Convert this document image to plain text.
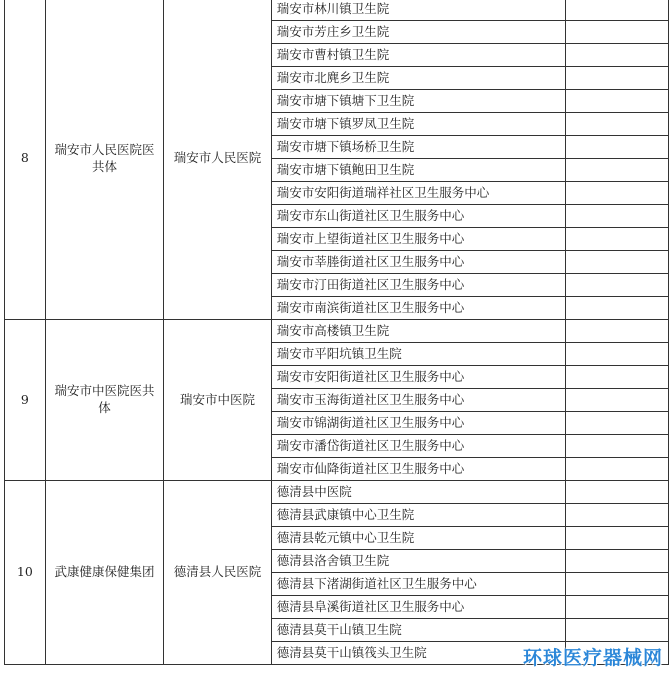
8	瑞安市人民医院医共体	瑞安市人民医院	瑞安市林川镇卫生院	
			瑞安市芳庄乡卫生院	
			瑞安市曹村镇卫生院	
			瑞安市北麂乡卫生院	
			瑞安市塘下镇塘下卫生院	
			瑞安市塘下镇罗凤卫生院	
			瑞安市塘下镇场桥卫生院	
			瑞安市塘下镇鲍田卫生院	
			瑞安市安阳街道瑞祥社区卫生服务中心	
			瑞安市东山街道社区卫生服务中心	
			瑞安市上望街道社区卫生服务中心	
			瑞安市莘塍街道社区卫生服务中心	
			瑞安市汀田街道社区卫生服务中心	
			瑞安市南滨街道社区卫生服务中心	
9	瑞安市中医院医共体	瑞安市中医院	瑞安市高楼镇卫生院	
			瑞安市平阳坑镇卫生院	
			瑞安市安阳街道社区卫生服务中心	
			瑞安市玉海街道社区卫生服务中心	
			瑞安市锦湖街道社区卫生服务中心	
			瑞安市潘岱街道社区卫生服务中心	
			瑞安市仙降街道社区卫生服务中心	
10	武康健康保健集团	德清县人民医院	德清县中医院	
			德清县武康镇中心卫生院	
			德清县乾元镇中心卫生院	
			德清县洛舍镇卫生院	
			德清县下渚湖街道社区卫生服务中心	
			德清县阜溪街道社区卫生服务中心	
			德清县莫干山镇卫生院	
			德清县莫干山镇筏头卫生院		环球医疗器械网
